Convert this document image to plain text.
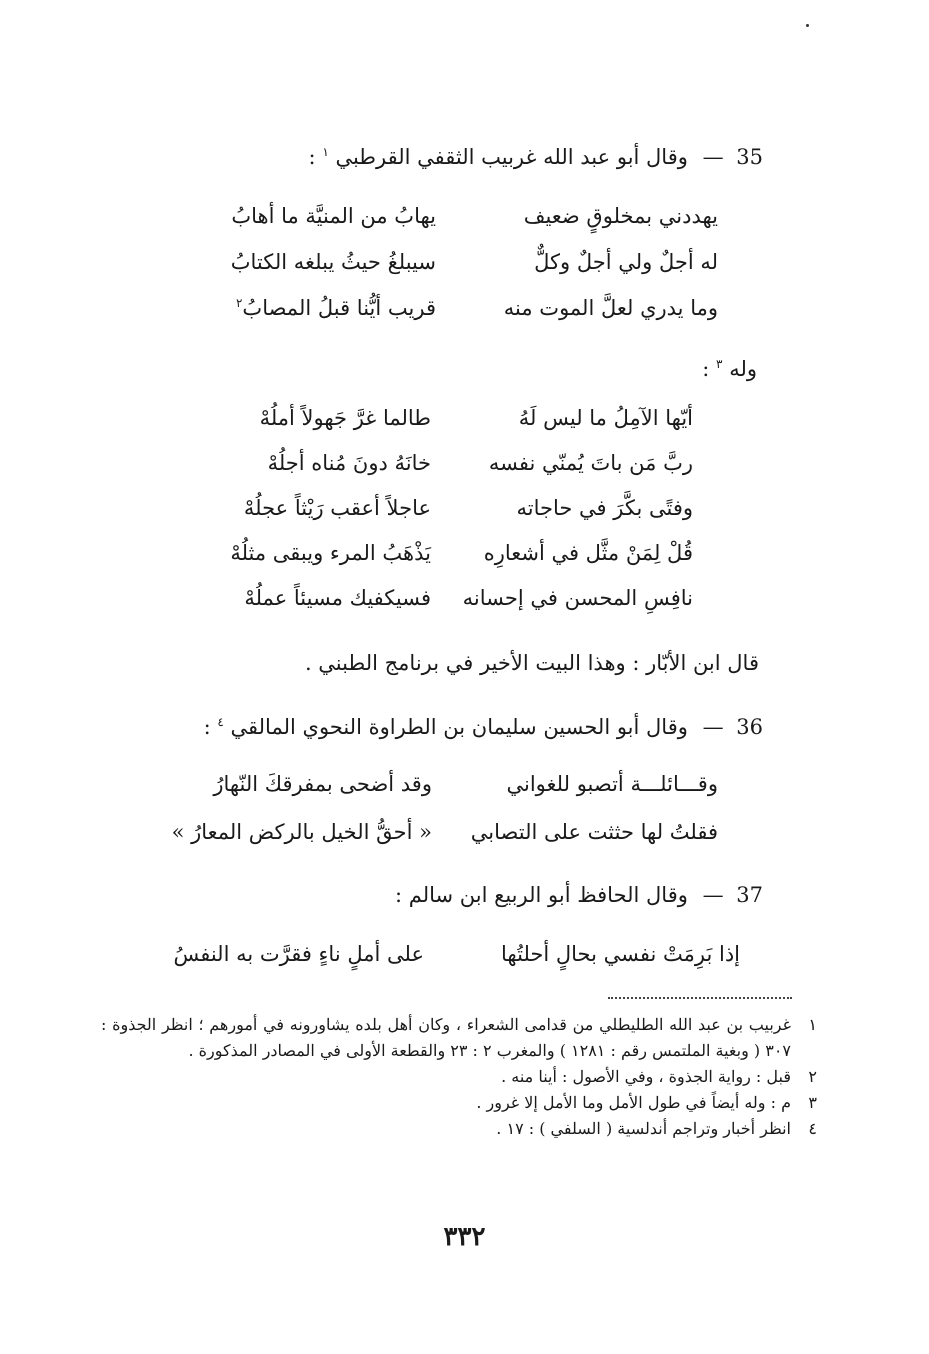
35 — وقال أبو عبد الله غربيب الثقفي القرطبي $^١$ :
يهددني بمخلوقٍ ضعيف
يهابُ من المنيَّة ما أهابُ
له أجلٌ ولي أجلٌ وكلٌّ
سيبلغُ حيثُ يبلغه الكتابُ
وما يدري لعلَّ الموت منه
قريب أيُّنا قبلُ المصابُ$^٢$
وله $^٣$ :
أيّها الآمِلُ ما ليس لَهُ
طالما غرَّ جَهولاً أملُهْ
ربَّ مَن باتَ يُمنّي نفسه
خانَهُ دونَ مُناه أجلُهْ
وفتًى بكَّرَ في حاجاته
عاجلاً أعقب رَيْثاً عجلُهْ
قُلْ لِمَنْ مثَّل في أشعارِه
يَذْهَبُ المرء ويبقى مثلُهْ
نافِسِ المحسن في إحسانه
فسيكفيك مسيئاً عملُهْ
قال ابن الأبّار : وهذا البيت الأخير في برنامج الطبني .
36 — وقال أبو الحسين سليمان بن الطراوة النحوي المالقي $^٤$ :
وقـــائلـــة أتصبو للغواني
وقد أضحى بمفرقكَ النّهارُ
فقلتُ لها حثثت على التصابي
« أحقُّ الخيل بالركض المعارُ »
37 — وقال الحافظ أبو الربيع ابن سالم :
إذا بَرِمَتْ نفسي بحالٍ أحلتُها
على أملٍ ناءٍ فقرَّت به النفسُ
١
غربيب بن عبد الله الطليطلي من قدامى الشعراء ، وكان أهل بلده يشاورونه في أمورهم ؛ انظر الجذوة : ٣٠٧ ( وبغية الملتمس رقم : ١٢٨١ ) والمغرب ٢ : ٢٣ والقطعة الأولى في المصادر المذكورة .
٢
قبل : رواية الجذوة ، وفي الأصول : أينا منه .
٣
م : وله أيضاً في طول الأمل وما الأمل إلا غرور .
٤
انظر أخبار وتراجم أندلسية ( السلفي ) : ١٧ .
٣٣٢
